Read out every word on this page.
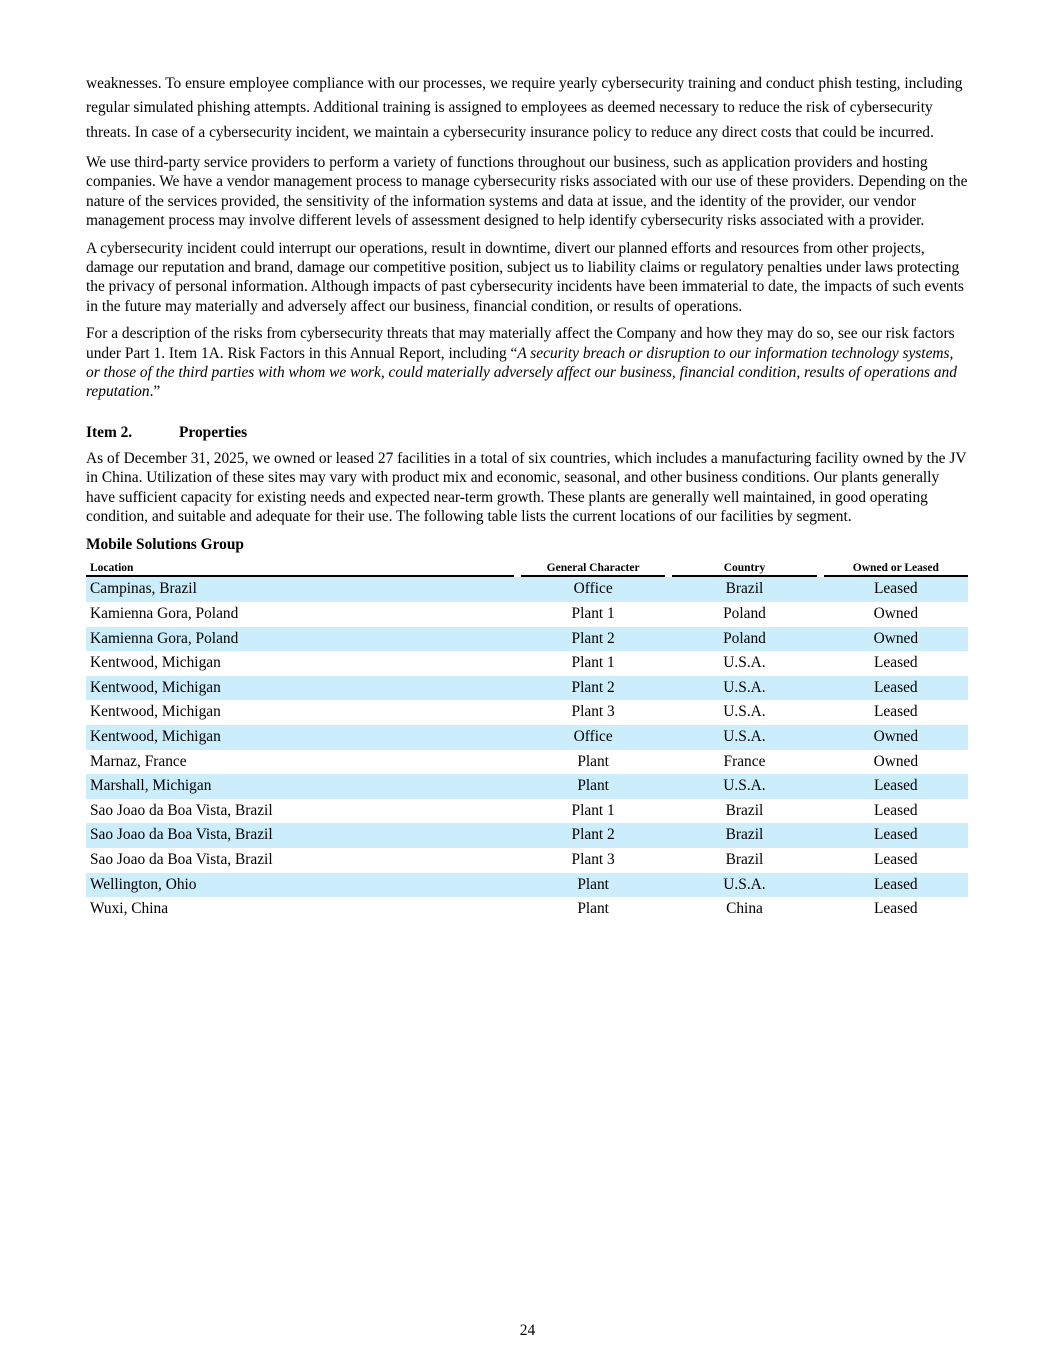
weaknesses. To ensure employee compliance with our processes, we require yearly cybersecurity training and conduct phish testing, including regular simulated phishing attempts. Additional training is assigned to employees as deemed necessary to reduce the risk of cybersecurity threats. In case of a cybersecurity incident, we maintain a cybersecurity insurance policy to reduce any direct costs that could be incurred.

We use third-party service providers to perform a variety of functions throughout our business, such as application providers and hosting companies. We have a vendor management process to manage cybersecurity risks associated with our use of these providers. Depending on the nature of the services provided, the sensitivity of the information systems and data at issue, and the identity of the provider, our vendor management process may involve different levels of assessment designed to help identify cybersecurity risks associated with a provider.

A cybersecurity incident could interrupt our operations, result in downtime, divert our planned efforts and resources from other projects, damage our reputation and brand, damage our competitive position, subject us to liability claims or regulatory penalties under laws protecting the privacy of personal information. Although impacts of past cybersecurity incidents have been immaterial to date, the impacts of such events in the future may materially and adversely affect our business, financial condition, or results of operations.

For a description of the risks from cybersecurity threats that may materially affect the Company and how they may do so, see our risk factors under Part 1. Item 1A. Risk Factors in this Annual Report, including “A security breach or disruption to our information technology systems, or those of the third parties with whom we work, could materially adversely affect our business, financial condition, results of operations and reputation.”

Item 2.	Properties

As of December 31, 2025, we owned or leased 27 facilities in a total of six countries, which includes a manufacturing facility owned by the JV in China. Utilization of these sites may vary with product mix and economic, seasonal, and other business conditions. Our plants generally have sufficient capacity for existing needs and expected near-term growth. These plants are generally well maintained, in good operating condition, and suitable and adequate for their use. The following table lists the current locations of our facilities by segment.

Mobile Solutions Group
Location		General Character		Country		Owned or Leased
Campinas, Brazil		Office		Brazil		Leased
Kamienna Gora, Poland		Plant 1		Poland		Owned
Kamienna Gora, Poland		Plant 2		Poland		Owned
Kentwood, Michigan		Plant 1		U.S.A.		Leased
Kentwood, Michigan		Plant 2		U.S.A.		Leased
Kentwood, Michigan		Plant 3		U.S.A.		Leased
Kentwood, Michigan		Office		U.S.A.		Owned
Marnaz, France		Plant		France		Owned
Marshall, Michigan		Plant		U.S.A.		Leased
Sao Joao da Boa Vista, Brazil		Plant 1		Brazil		Leased
Sao Joao da Boa Vista, Brazil		Plant 2		Brazil		Leased
Sao Joao da Boa Vista, Brazil		Plant 3		Brazil		Leased
Wellington, Ohio		Plant		U.S.A.		Leased
Wuxi, China		Plant		China		Leased
24
